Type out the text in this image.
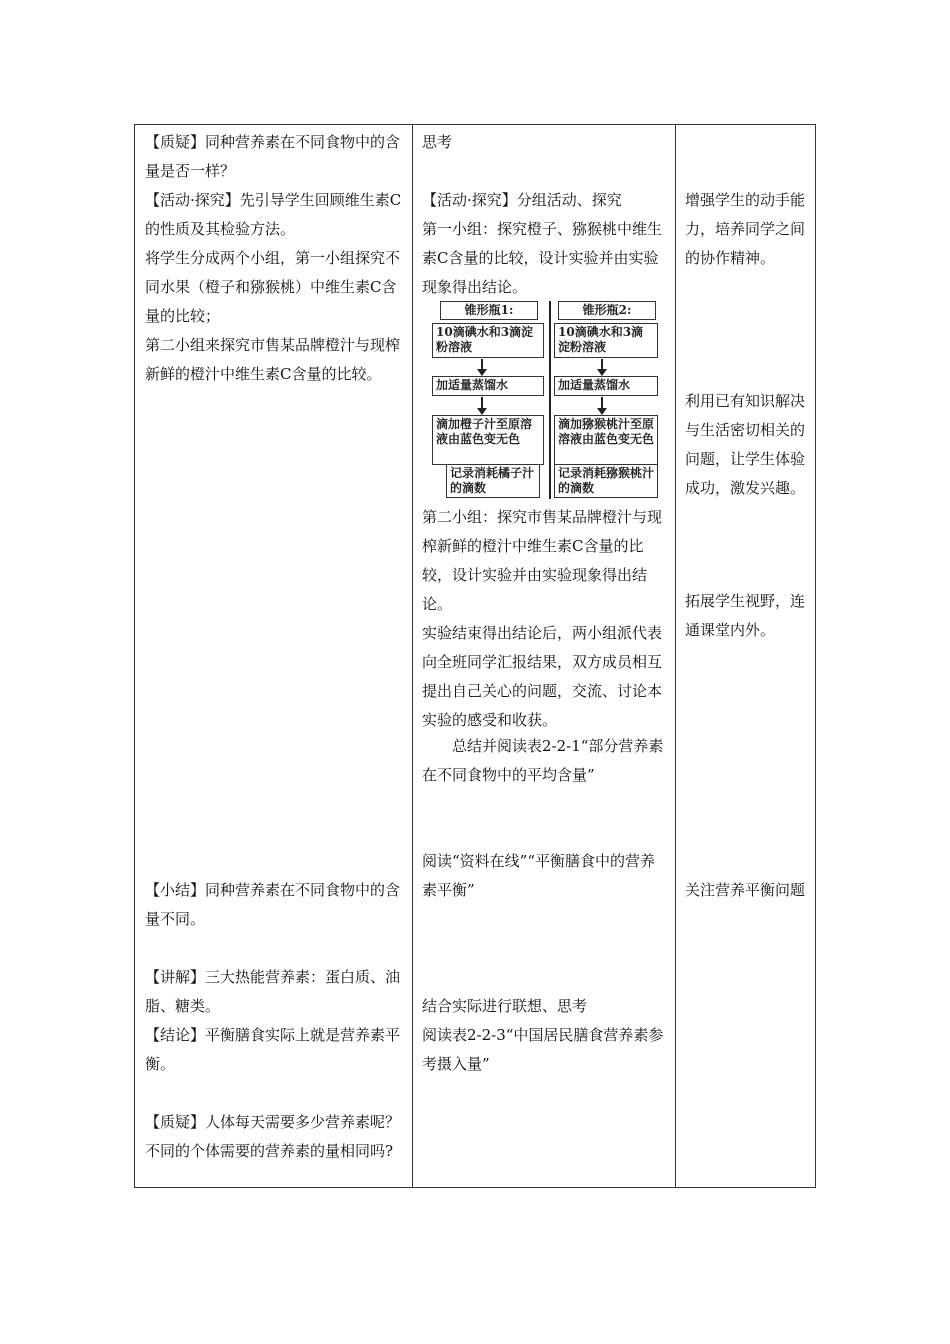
【质疑】同种营养素在不同食物中的含量是否一样？

【活动·探究】先引导学生回顾维生素C的性质及其检验方法。

将学生分成两个小组，第一小组探究不同水果（橙子和猕猴桃）中维生素C含量的比较；

第二小组来探究市售某品牌橙汁与现榨新鲜的橙汁中维生素C含量的比较。

【小结】同种营养素在不同食物中的含量不同。

【讲解】三大热能营养素：蛋白质、油脂、糖类。

【结论】平衡膳食实际上就是营养素平衡。

【质疑】人体每天需要多少营养素呢？不同的个体需要的营养素的量相同吗?

思考

【活动·探究】分组活动、探究

第一小组：探究橙子、猕猴桃中维生素C含量的比较，设计实验并由实验现象得出结论。

锥形瓶1:
10滴碘水和3滴淀粉溶液
加适量蒸馏水
滴加橙子汁至原溶液由蓝色变无色
记录消耗橘子汁的滴数
锥形瓶2:
10滴碘水和3滴淀粉溶液
加适量蒸馏水
滴加猕猴桃汁至原溶液由蓝色变无色
记录消耗猕猴桃汁的滴数

第二小组：探究市售某品牌橙汁与现榨新鲜的橙汁中维生素C含量的比较，设计实验并由实验现象得出结论。

实验结束得出结论后，两小组派代表向全班同学汇报结果，双方成员相互提出自己关心的问题，交流、讨论本实验的感受和收获。

总结并阅读表2-2-1“部分营养素在不同食物中的平均含量”

阅读“资料在线”“平衡膳食中的营养素平衡”

结合实际进行联想、思考

阅读表2-2-3“中国居民膳食营养素参考摄入量”

增强学生的动手能力，培养同学之间的协作精神。

利用已有知识解决与生活密切相关的问题，让学生体验成功，激发兴趣。

拓展学生视野，连通课堂内外。

关注营养平衡问题
